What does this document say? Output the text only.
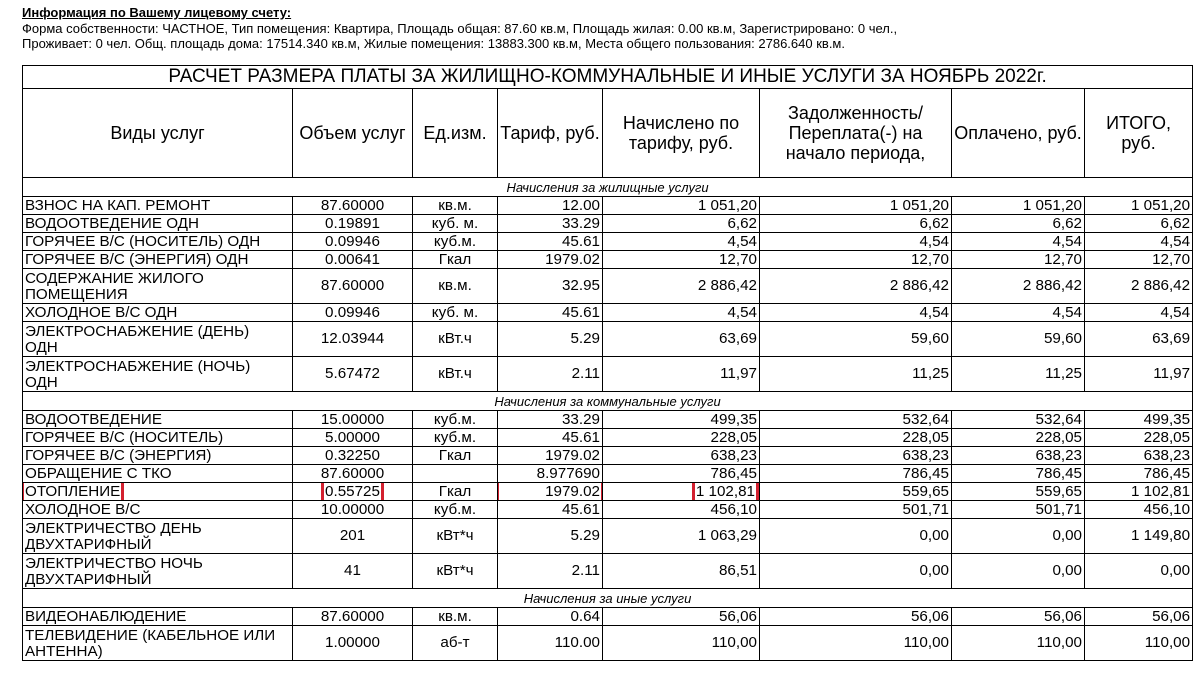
Информация по Вашему лицевому счету:
Форма собственности: ЧАСТНОЕ, Тип помещения: Квартира, Площадь общая: 87.60 кв.м, Площадь жилая: 0.00 кв.м, Зарегистрировано: 0 чел.,
Проживает: 0 чел. Общ. площадь дома: 17514.340 кв.м, Жилые помещения: 13883.300 кв.м, Места общего пользования: 2786.640 кв.м.
РАСЧЕТ РАЗМЕРА ПЛАТЫ ЗА ЖИЛИЩНО-КОММУНАЛЬНЫЕ И ИНЫЕ УСЛУГИ ЗА НОЯБРЬ 2022г.							
Виды услуг	Объем услуг	Ед.изм.	Тариф, руб.	Начислено по тарифу, руб.	Задолженность/ Переплата(-) на начало периода,	Оплачено, руб.	ИТОГО, руб.
Начисления за жилищные услуги							
ВЗНОС НА КАП. РЕМОНТ	87.60000	кв.м.	12.00	1 051,20	1 051,20	1 051,20	1 051,20
ВОДООТВЕДЕНИЕ ОДН	0.19891	куб. м.	33.29	6,62	6,62	6,62	6,62
ГОРЯЧЕЕ В/С (НОСИТЕЛЬ) ОДН	0.09946	куб.м.	45.61	4,54	4,54	4,54	4,54
ГОРЯЧЕЕ В/С (ЭНЕРГИЯ) ОДН	0.00641	Гкал	1979.02	12,70	12,70	12,70	12,70

СОДЕРЖАНИЕ ЖИЛОГО
ПОМЕЩЕНИЯ	87.60000	кв.м.	32.95	2 886,42	2 886,42	2 886,42	2 886,42
ХОЛОДНОЕ В/С ОДН	0.09946	куб. м.	45.61	4,54	4,54	4,54	4,54

ЭЛЕКТРОСНАБЖЕНИЕ (ДЕНЬ)
ОДН	12.03944	кВт.ч	5.29	63,69	59,60	59,60	63,69

ЭЛЕКТРОСНАБЖЕНИЕ (НОЧЬ)
ОДН	5.67472	кВт.ч	2.11	11,97	11,25	11,25	11,97
Начисления за коммунальные услуги							
ВОДООТВЕДЕНИЕ	15.00000	куб.м.	33.29	499,35	532,64	532,64	499,35
ГОРЯЧЕЕ В/С (НОСИТЕЛЬ)	5.00000	куб.м.	45.61	228,05	228,05	228,05	228,05
ГОРЯЧЕЕ В/С (ЭНЕРГИЯ)	0.32250	Гкал	1979.02	638,23	638,23	638,23	638,23
ОБРАЩЕНИЕ С ТКО	87.60000		8.977690	786,45	786,45	786,45	786,45
ОТОПЛЕНИЕ	0.55725	Гкал	1979.02	1 102,81	559,65	559,65	1 102,81
ХОЛОДНОЕ В/С	10.00000	куб.м.	45.61	456,10	501,71	501,71	456,10

ЭЛЕКТРИЧЕСТВО ДЕНЬ
ДВУХТАРИФНЫЙ	201	кВт*ч	5.29	1 063,29	0,00	0,00	1 149,80

ЭЛЕКТРИЧЕСТВО НОЧЬ
ДВУХТАРИФНЫЙ	41	кВт*ч	2.11	86,51	0,00	0,00	0,00
Начисления за иные услуги							
ВИДЕОНАБЛЮДЕНИЕ	87.60000	кв.м.	0.64	56,06	56,06	56,06	56,06

ТЕЛЕВИДЕНИЕ (КАБЕЛЬНОЕ ИЛИ
АНТЕННА)	1.00000	аб-т	110.00	110,00	110,00	110,00	110,00
